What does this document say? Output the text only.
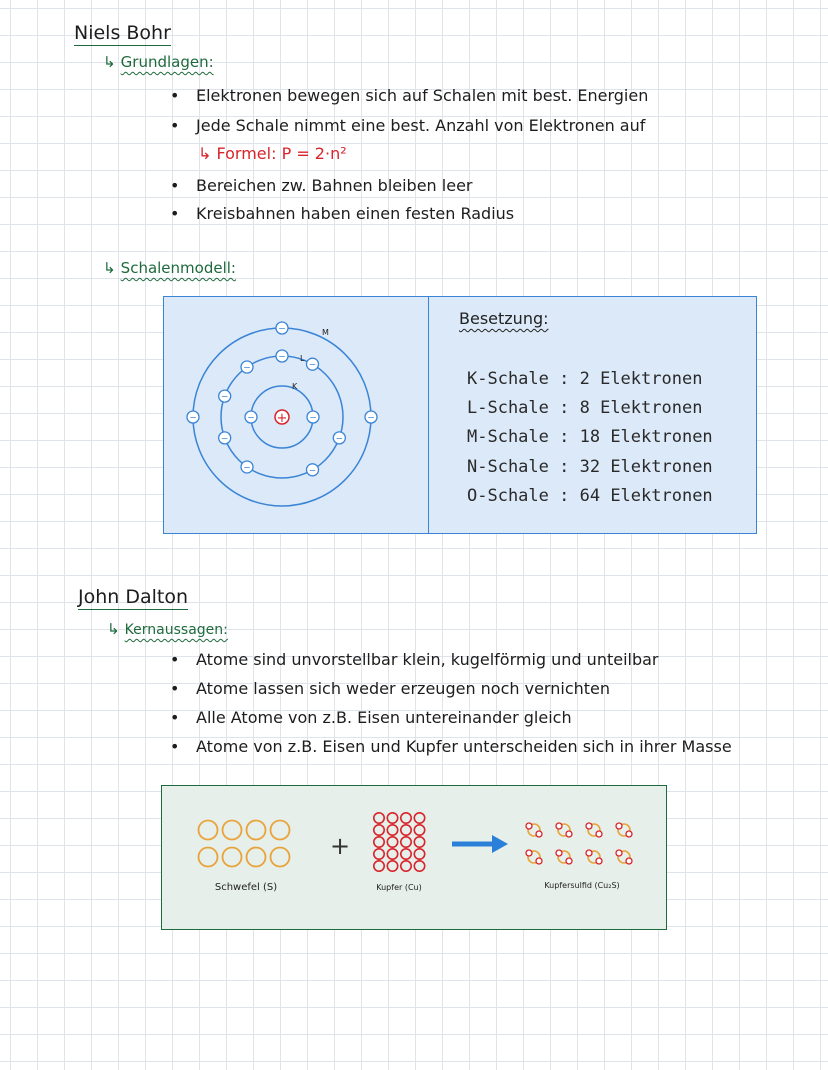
Niels Bohr
↳ Grundlagen:
• Elektronen bewegen sich auf Schalen mit best. Energien
• Jede Schale nimmt eine best. Anzahl von Elektronen auf
↳ Formel: P = 2·n²
• Bereichen zw. Bahnen bleiben leer
• Kreisbahnen haben einen festen Radius
↳ Schalenmodell:
+
K
L
M
−
−
−
−
−
−
−
−
−
−
−
−
−
Besetzung:
K-Schale : 2 Elektronen
L-Schale : 8 Elektronen
M-Schale : 18 Elektronen
N-Schale : 32 Elektronen
O-Schale : 64 Elektronen
John Dalton
↳ Kernaussagen:
• Atome sind unvorstellbar klein, kugelförmig und unteilbar
• Atome lassen sich weder erzeugen noch vernichten
• Alle Atome von z.B. Eisen untereinander gleich
• Atome von z.B. Eisen und Kupfer unterscheiden sich in ihrer Masse
+
Schwefel (S)	Kupfer (Cu)	Kupfersulfid (Cu₂S)
